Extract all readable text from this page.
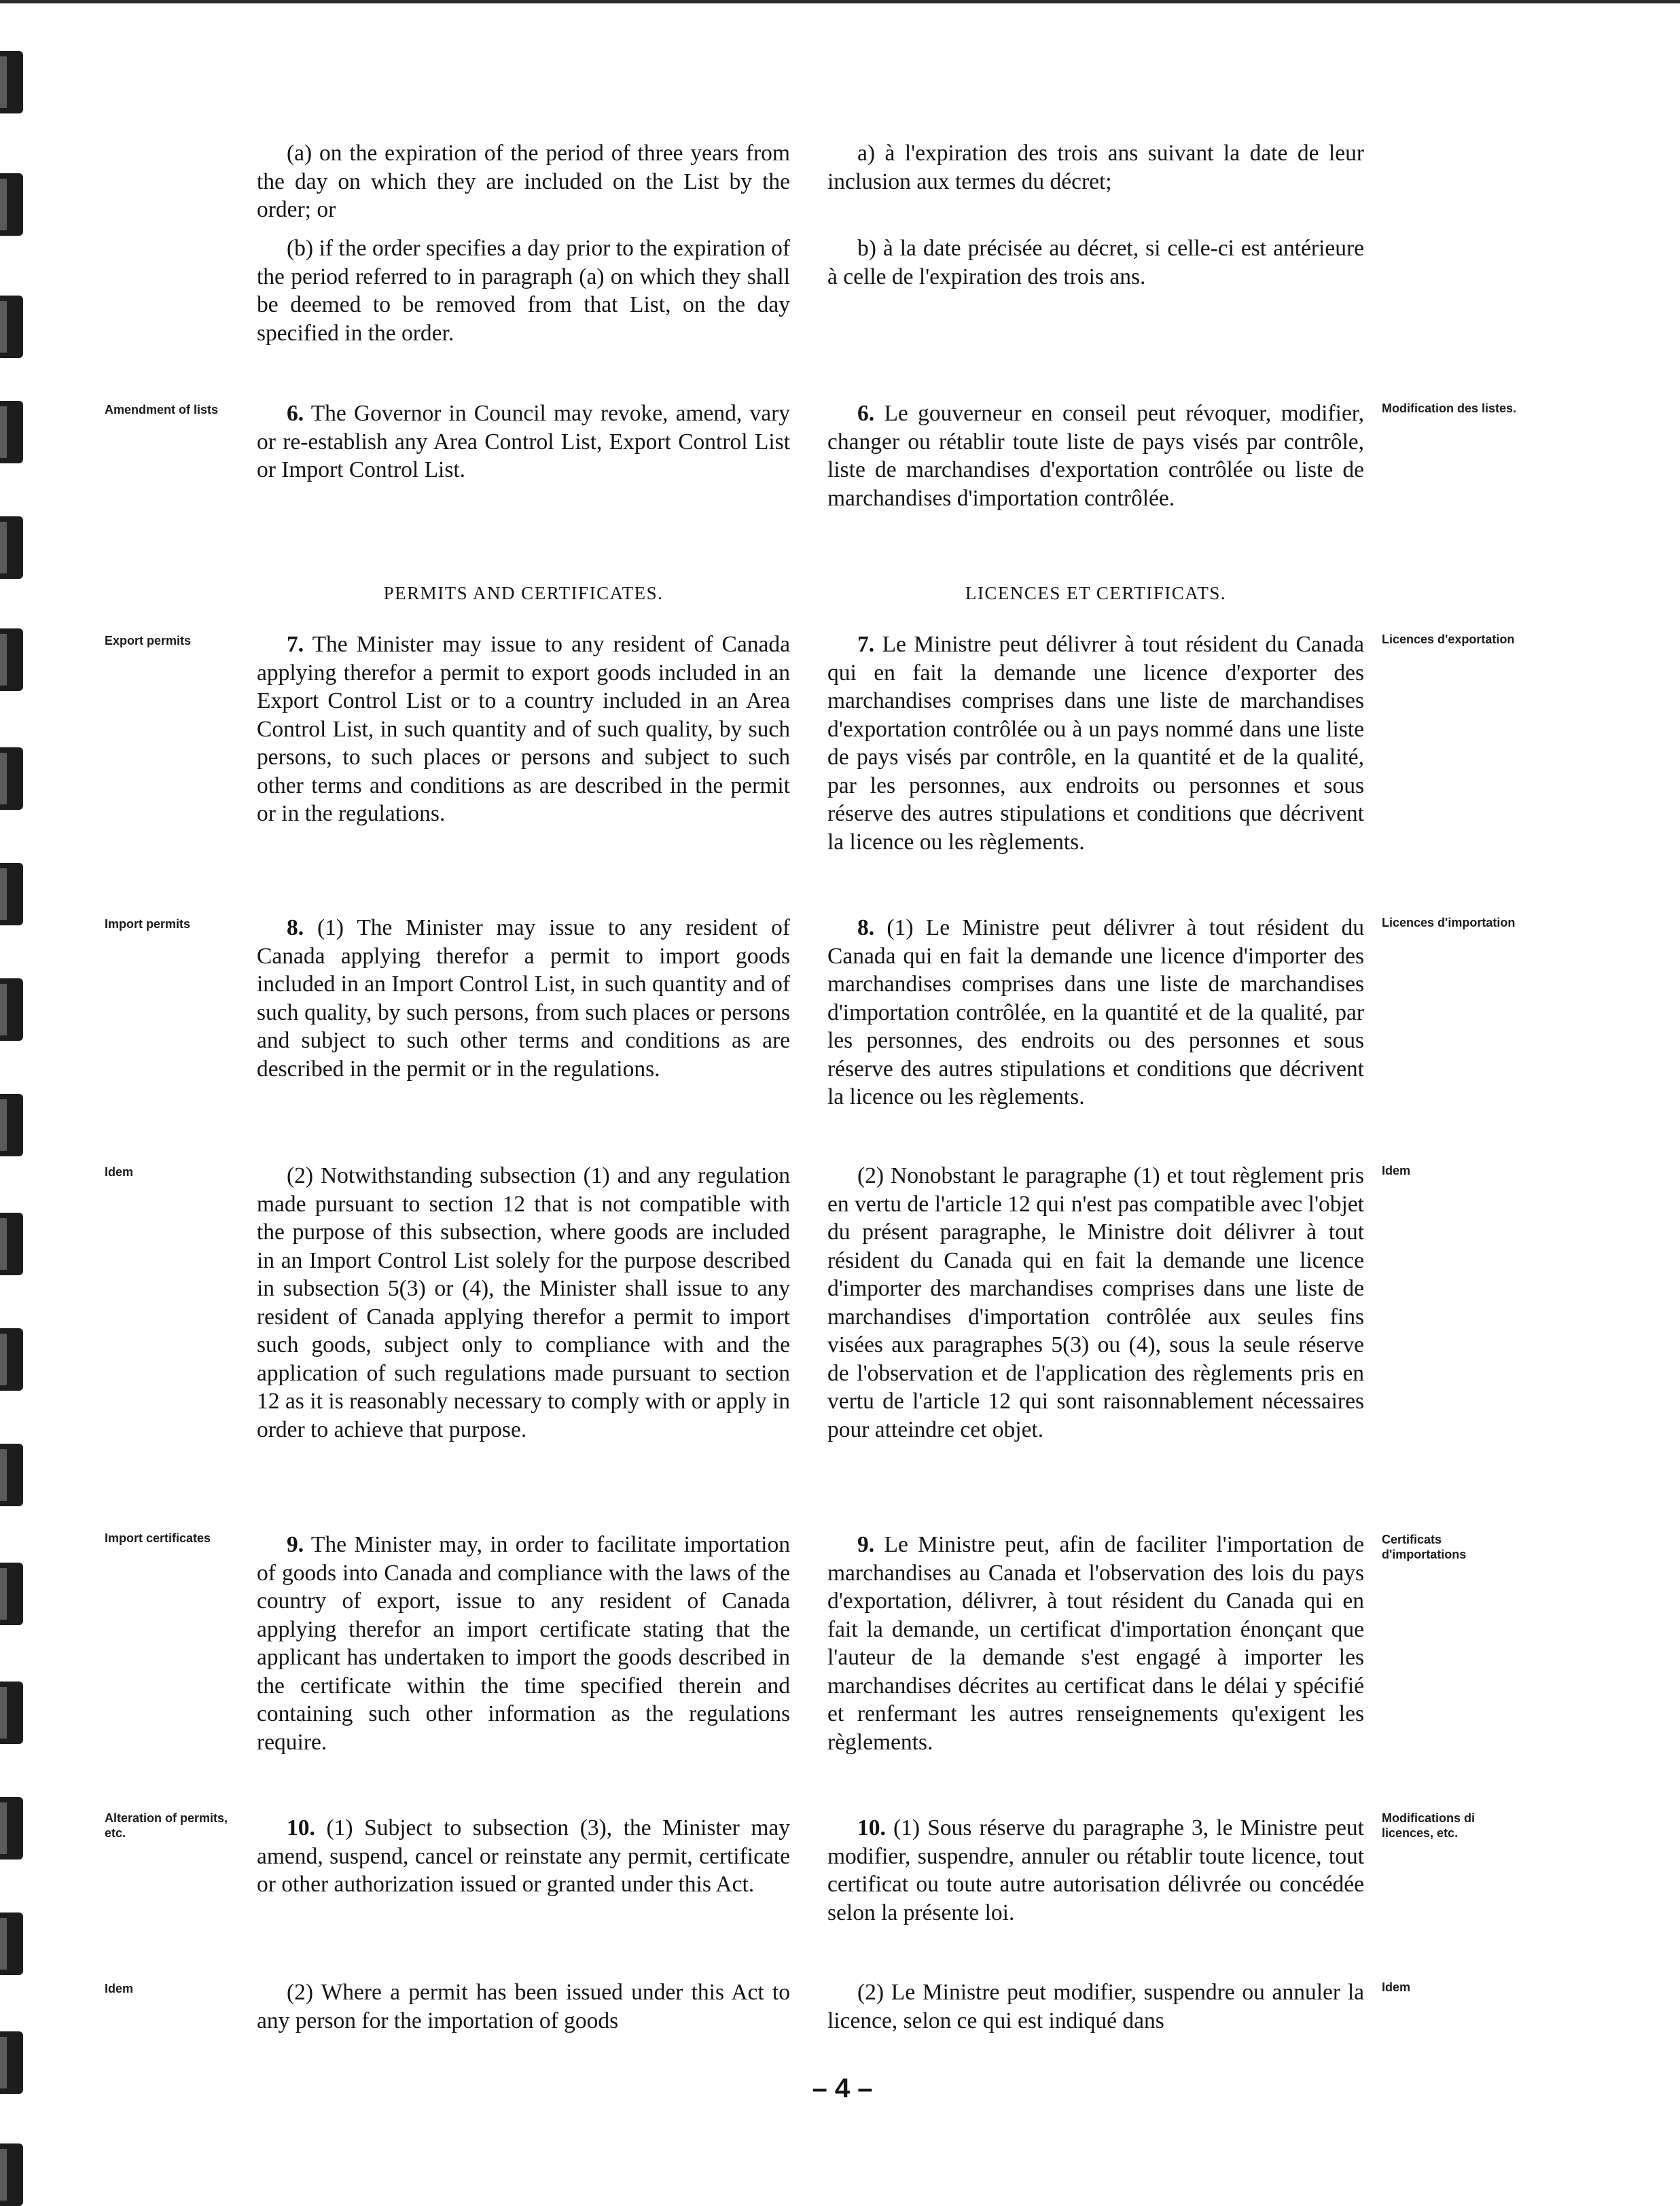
(a) on the expiration of the period of three years from the day on which they are included on the List by the order; or

(b) if the order specifies a day prior to the expiration of the period referred to in paragraph (a) on which they shall be deemed to be removed from that List, on the day specified in the order.

6. The Governor in Council may revoke, amend, vary or re-establish any Area Control List, Export Control List or Import Control List.

PERMITS AND CERTIFICATES.

7. The Minister may issue to any resident of Canada applying therefor a permit to export goods included in an Export Control List or to a country included in an Area Control List, in such quantity and of such quality, by such persons, to such places or persons and subject to such other terms and conditions as are described in the permit or in the regulations.

8. (1) The Minister may issue to any resident of Canada applying therefor a permit to import goods included in an Import Control List, in such quantity and of such quality, by such persons, from such places or persons and subject to such other terms and conditions as are described in the permit or in the regulations.

(2) Notwithstanding subsection (1) and any regulation made pursuant to section 12 that is not compatible with the purpose of this subsection, where goods are included in an Import Control List solely for the purpose described in subsection 5(3) or (4), the Minister shall issue to any resident of Canada applying therefor a permit to import such goods, subject only to compliance with and the application of such regulations made pursuant to section 12 as it is reasonably necessary to comply with or apply in order to achieve that purpose.

9. The Minister may, in order to facilitate importation of goods into Canada and compliance with the laws of the country of export, issue to any resident of Canada applying therefor an import certificate stating that the applicant has undertaken to import the goods described in the certificate within the time specified therein and containing such other information as the regulations require.

10. (1) Subject to subsection (3), the Minister may amend, suspend, cancel or reinstate any permit, certificate or other authorization issued or granted under this Act.

(2) Where a permit has been issued under this Act to any person for the importation of goods

a) à l'expiration des trois ans suivant la date de leur inclusion aux termes du décret;

b) à la date précisée au décret, si celle-ci est antérieure à celle de l'expiration des trois ans.

6. Le gouverneur en conseil peut révoquer, modifier, changer ou rétablir toute liste de pays visés par contrôle, liste de marchandises d'exportation contrôlée ou liste de marchandises d'importation contrôlée.

LICENCES ET CERTIFICATS.

7. Le Ministre peut délivrer à tout résident du Canada qui en fait la demande une licence d'exporter des marchandises comprises dans une liste de marchandises d'exportation contrôlée ou à un pays nommé dans une liste de pays visés par contrôle, en la quantité et de la qualité, par les personnes, aux endroits ou personnes et sous réserve des autres stipulations et conditions que décrivent la licence ou les règlements.

8. (1) Le Ministre peut délivrer à tout résident du Canada qui en fait la demande une licence d'importer des marchandises comprises dans une liste de marchandises d'importation contrôlée, en la quantité et de la qualité, par les personnes, des endroits ou des personnes et sous réserve des autres stipulations et conditions que décrivent la licence ou les règlements.

(2) Nonobstant le paragraphe (1) et tout règlement pris en vertu de l'article 12 qui n'est pas compatible avec l'objet du présent paragraphe, le Ministre doit délivrer à tout résident du Canada qui en fait la demande une licence d'importer des marchandises comprises dans une liste de marchandises d'importation contrôlée aux seules fins visées aux paragraphes 5(3) ou (4), sous la seule réserve de l'observation et de l'application des règlements pris en vertu de l'article 12 qui sont raisonnablement nécessaires pour atteindre cet objet.

9. Le Ministre peut, afin de faciliter l'importation de marchandises au Canada et l'observation des lois du pays d'exportation, délivrer, à tout résident du Canada qui en fait la demande, un certificat d'importation énonçant que l'auteur de la demande s'est engagé à importer les marchandises décrites au certificat dans le délai y spécifié et renfermant les autres renseignements qu'exigent les règlements.

10. (1) Sous réserve du paragraphe 3, le Ministre peut modifier, suspendre, annuler ou rétablir toute licence, tout certificat ou toute autre autorisation délivrée ou concédée selon la présente loi.

(2) Le Ministre peut modifier, suspendre ou annuler la licence, selon ce qui est indiqué dans

Amendment of lists
Export permits
Import permits
Idem
Import certificates
Alteration of permits, etc.
Idem
Modification des listes.
Licences d'exportation
Licences d'importation
Idem
Certificats d'importations
Modifications di licences, etc.
Idem
– 4 –
